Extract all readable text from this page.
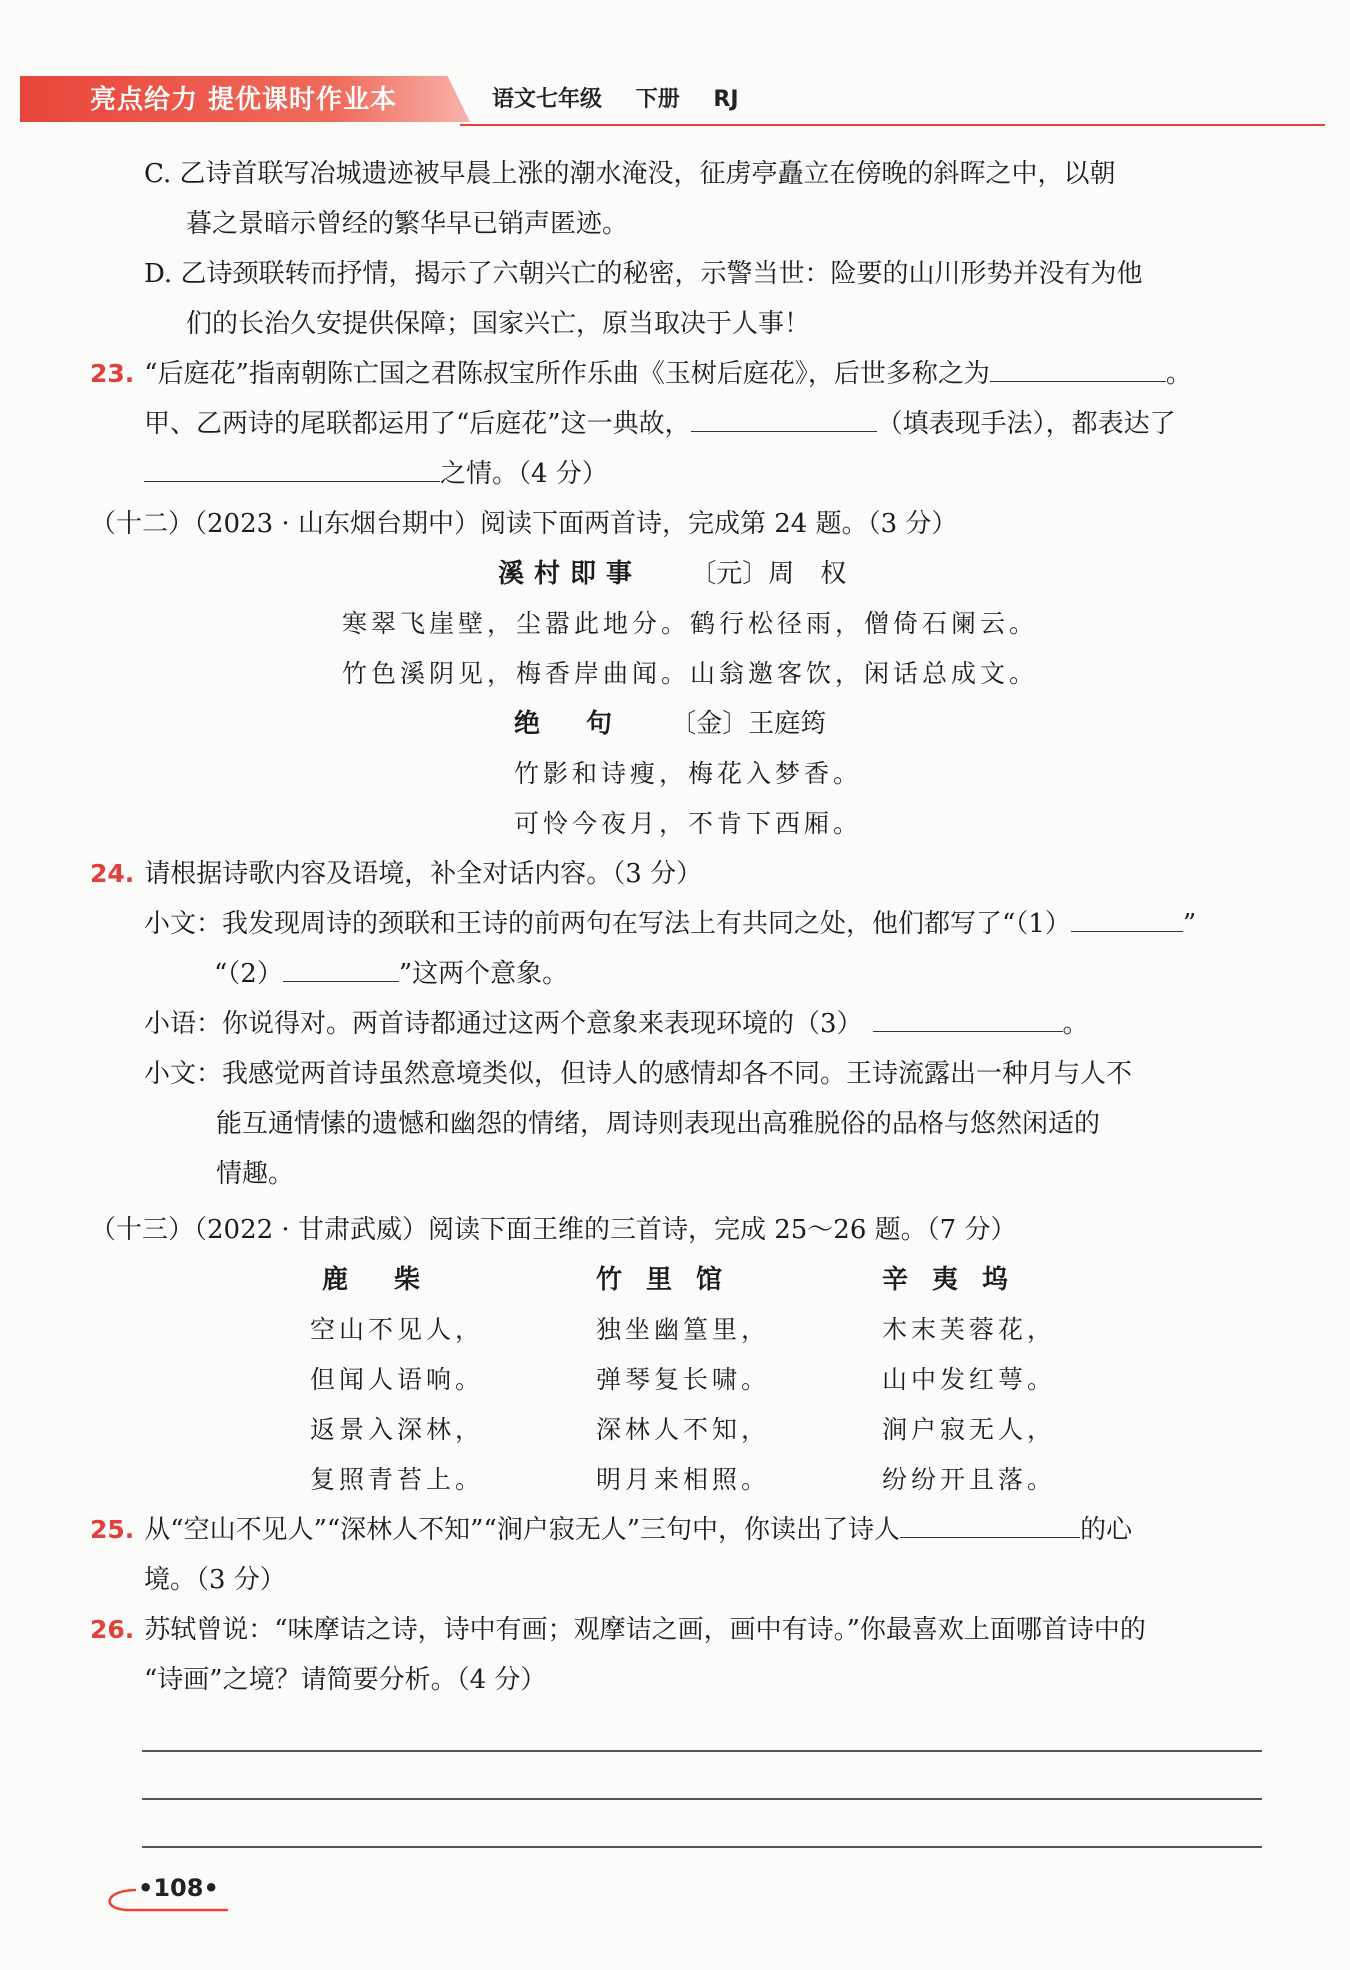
亮点给力 提优课时作业本	语文七年级 下册 RJ
C. 乙诗首联写冶城遗迹被早晨上涨的潮水淹没，征虏亭矗立在傍晚的斜晖之中，以朝
暮之景暗示曾经的繁华早已销声匿迹。
D. 乙诗颈联转而抒情，揭示了六朝兴亡的秘密，示警当世：险要的山川形势并没有为他
们的长治久安提供保障；国家兴亡，原当取决于人事！
23. “后庭花”指南朝陈亡国之君陈叔宝所作乐曲《玉树后庭花》，后世多称之为	。
甲、乙两诗的尾联都运用了“后庭花”这一典故，	（填表现手法），都表达了
之情。（4 分）
（十二）（2023 · 山东烟台期中）阅读下面两首诗，完成第 24 题。（3 分）
溪村即事 〔元〕周　权
寒翠飞崖壁，尘嚣此地分。鹤行松径雨，僧倚石阑云。
竹色溪阴见，梅香岸曲闻。山翁邀客饮，闲话总成文。
绝　句 〔金〕王庭筠
竹影和诗瘦，梅花入梦香。
可怜今夜月，不肯下西厢。
24. 请根据诗歌内容及语境，补全对话内容。（3 分）
小文：我发现周诗的颈联和王诗的前两句在写法上有共同之处，他们都写了“（1）	”
“（2）	”这两个意象。
小语：你说得对。两首诗都通过这两个意象来表现环境的（3）	。
小文：我感觉两首诗虽然意境类似，但诗人的感情却各不同。王诗流露出一种月与人不
能互通情愫的遗憾和幽怨的情绪，周诗则表现出高雅脱俗的品格与悠然闲适的
情趣。
（十三）（2022 · 甘肃武威）阅读下面王维的三首诗，完成 25～26 题。（7 分）
鹿　柴
空山不见人，
但闻人语响。
返景入深林，
复照青苔上。
竹里馆
独坐幽篁里，
弹琴复长啸。
深林人不知，
明月来相照。
辛夷坞
木末芙蓉花，
山中发红萼。
涧户寂无人，
纷纷开且落。
25. 从“空山不见人”“深林人不知”“涧户寂无人”三句中，你读出了诗人	的心
境。（3 分）
26. 苏轼曾说：“味摩诘之诗，诗中有画；观摩诘之画，画中有诗。”你最喜欢上面哪首诗中的
“诗画”之境？请简要分析。（4 分）
•108•
